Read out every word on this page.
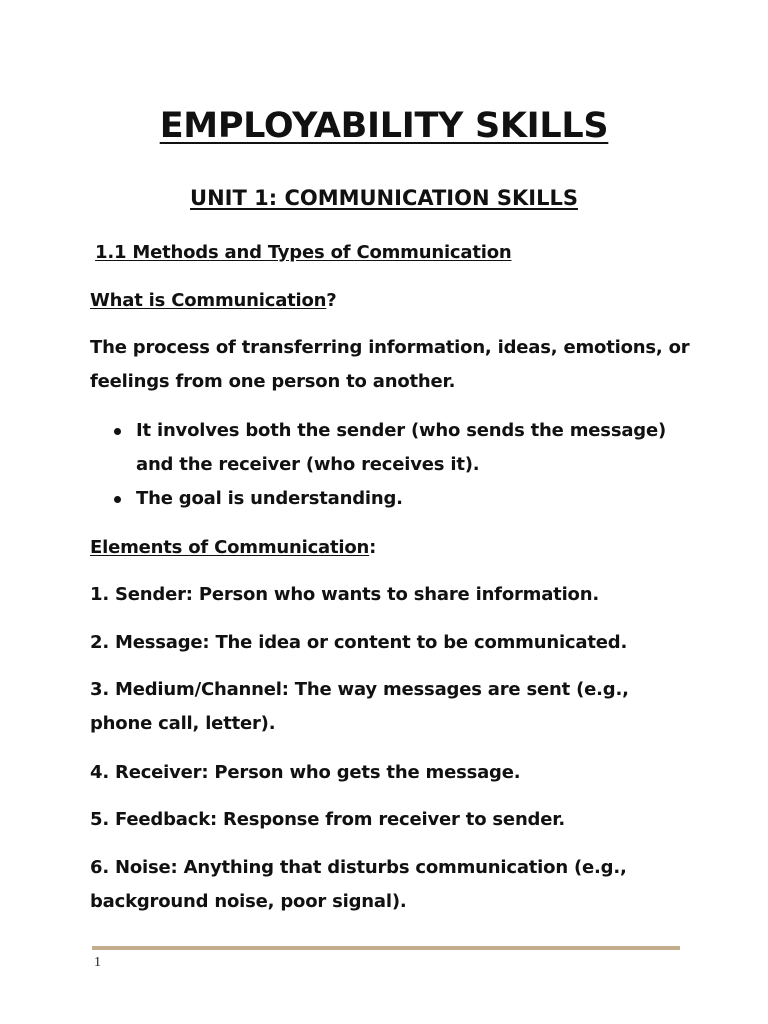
EMPLOYABILITY SKILLS
UNIT 1: COMMUNICATION SKILLS
1.1 Methods and Types of Communication
What is Communication?
The process of transferring information, ideas, emotions, or feelings from one person to another.
It involves both the sender (who sends the message) and the receiver (who receives it).
The goal is understanding.
Elements of Communication:
1. Sender: Person who wants to share information.
2. Message: The idea or content to be communicated.
3. Medium/Channel: The way messages are sent (e.g., phone call, letter).
4. Receiver: Person who gets the message.
5. Feedback: Response from receiver to sender.
6. Noise: Anything that disturbs communication (e.g., background noise, poor signal).
1
